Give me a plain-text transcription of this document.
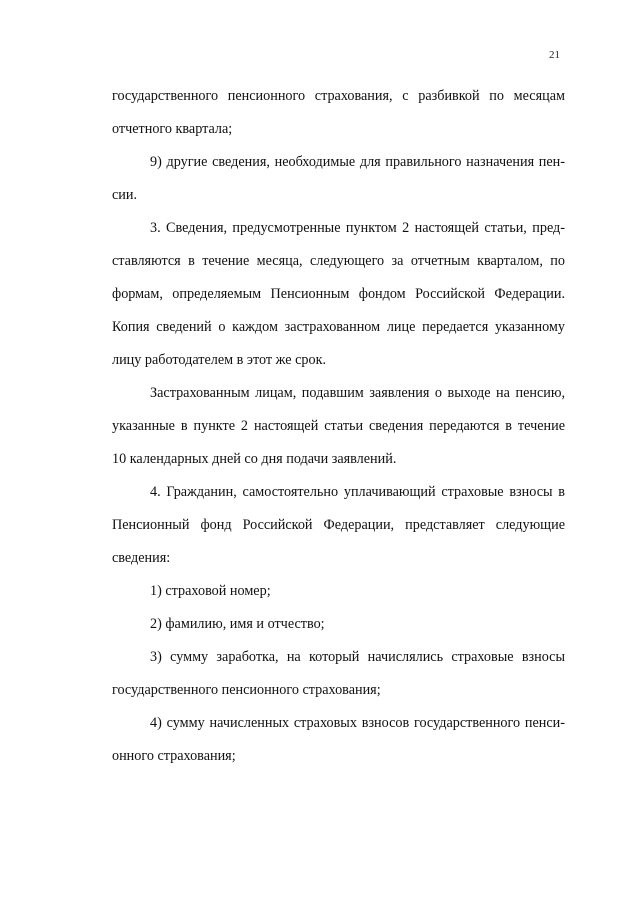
21
государственного пенсионного страхования, с разбивкой по месяцам
отчетного квартала;
9) другие сведения, необходимые для правильного назначения пен-
сии.
3. Сведения, предусмотренные пунктом 2 настоящей статьи, пред-
ставляются в течение месяца, следующего за отчетным кварталом, по
формам, определяемым Пенсионным фондом Российской Федерации.
Копия сведений о каждом застрахованном лице передается указанному
лицу работодателем в этот же срок.
Застрахованным лицам, подавшим заявления о выходе на пенсию,
указанные в пункте 2 настоящей статьи сведения передаются в течение
10 календарных дней со дня подачи заявлений.
4. Гражданин, самостоятельно уплачивающий страховые взносы в
Пенсионный фонд Российской Федерации, представляет следующие
сведения:
1) страховой номер;
2) фамилию, имя и отчество;
3) сумму заработка, на который начислялись страховые взносы
государственного пенсионного страхования;
4) сумму начисленных страховых взносов государственного пенси-
онного страхования;
